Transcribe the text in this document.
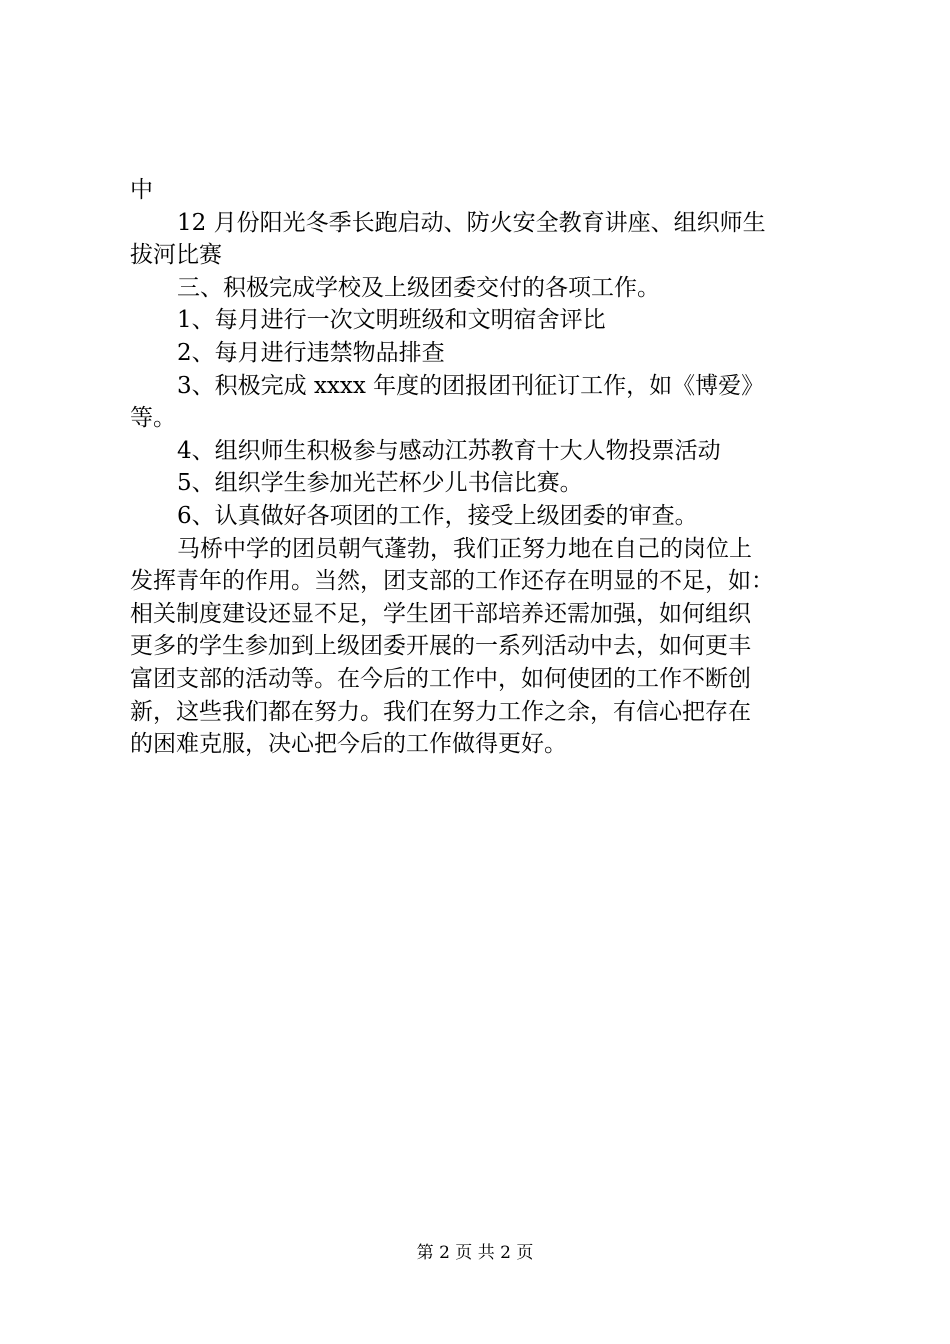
中
12 月份阳光冬季长跑启动、防火安全教育讲座、组织师生
拔河比赛
三、积极完成学校及上级团委交付的各项工作。
1、每月进行一次文明班级和文明宿舍评比
2、每月进行违禁物品排查
3、积极完成 xxxx 年度的团报团刊征订工作，如《博爱》
等。
4、组织师生积极参与感动江苏教育十大人物投票活动
5、组织学生参加光芒杯少儿书信比赛。
6、认真做好各项团的工作，接受上级团委的审查。
马桥中学的团员朝气蓬勃，我们正努力地在自己的岗位上
发挥青年的作用。当然，团支部的工作还存在明显的不足，如：
相关制度建设还显不足，学生团干部培养还需加强，如何组织
更多的学生参加到上级团委开展的一系列活动中去，如何更丰
富团支部的活动等。在今后的工作中，如何使团的工作不断创
新，这些我们都在努力。我们在努力工作之余，有信心把存在
的困难克服，决心把今后的工作做得更好。
第 2 页 共 2 页
